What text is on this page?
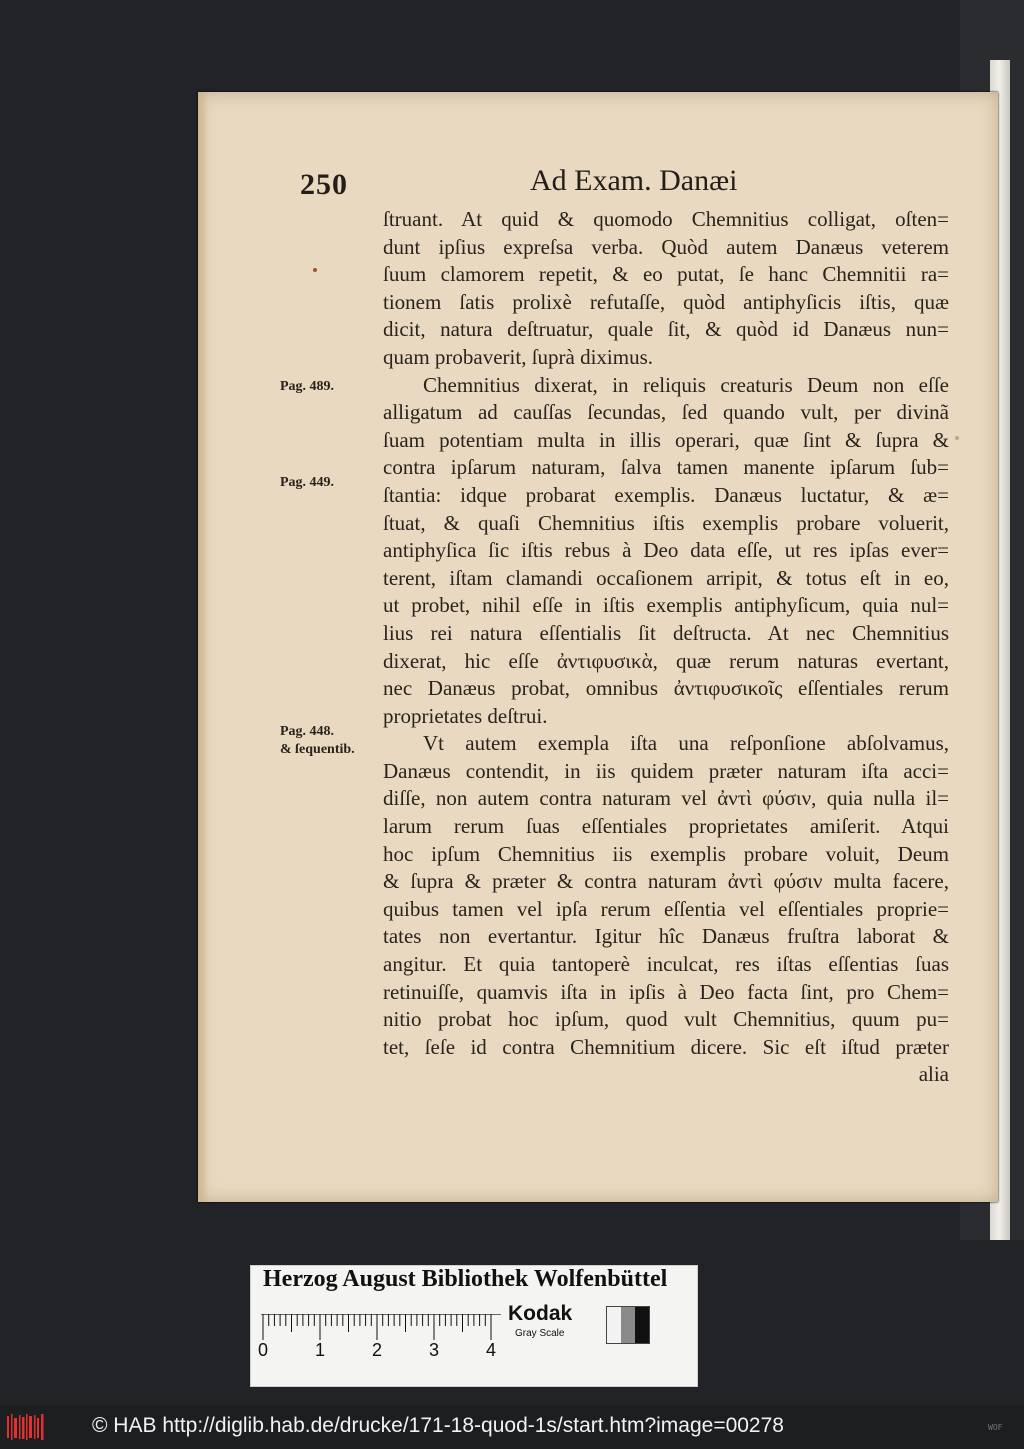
250	Ad Exam. Danæi
Pag. 489.
Pag. 449.
Pag. 448.
& ſequentib.
ſtruant. At quid & quomodo Chemnitius colligat, oſten=
dunt ipſius expreſsa verba. Quòd autem Danæus veterem
ſuum clamorem repetit, & eo putat, ſe hanc Chemnitii ra=
tionem ſatis prolixè refutaſſe, quòd antiphyſicis iſtis, quæ
dicit, natura deſtruatur, quale ſit, & quòd id Danæus nun=
quam probaverit, ſuprà diximus.
Chemnitius dixerat, in reliquis creaturis Deum non eſſe
alligatum ad cauſſas ſecundas, ſed quando vult, per divinã
ſuam potentiam multa in illis operari, quæ ſint & ſupra &
contra ipſarum naturam, ſalva tamen manente ipſarum ſub=
ſtantia: idque probarat exemplis. Danæus luctatur, & æ=
ſtuat, & quaſi Chemnitius iſtis exemplis probare voluerit,
antiphyſica ſic iſtis rebus à Deo data eſſe, ut res ipſas ever=
terent, iſtam clamandi occaſionem arripit, & totus eſt in eo,
ut probet, nihil eſſe in iſtis exemplis antiphyſicum, quia nul=
lius rei natura eſſentialis ſit deſtructa. At nec Chemnitius
dixerat, hic eſſe ἀντιφυσικὰ, quæ rerum naturas evertant,
nec Danæus probat, omnibus ἀντιφυσικοῖς eſſentiales rerum
proprietates deſtrui.
Vt autem exempla iſta una reſponſione abſolvamus,
Danæus contendit, in iis quidem præter naturam iſta acci=
diſſe, non autem contra naturam vel ἀντὶ φύσιν, quia nulla il=
larum rerum ſuas eſſentiales proprietates amiſerit. Atqui
hoc ipſum Chemnitius iis exemplis probare voluit, Deum
& ſupra & præter & contra naturam ἀντὶ φύσιν multa facere,
quibus tamen vel ipſa rerum eſſentia vel eſſentiales proprie=
tates non evertantur. Igitur hîc Danæus fruſtra laborat &
angitur. Et quia tantoperè inculcat, res iſtas eſſentias ſuas
retinuiſſe, quamvis iſta in ipſis à Deo facta ſint, pro Chem=
nitio probat hoc ipſum, quod vult Chemnitius, quum pu=
tet, ſeſe id contra Chemnitium dicere. Sic eſt iſtud præter
alia
Herzog August Bibliothek Wolfenbüttel
0	1	2	3	4
Kodak
Gray Scale
© HAB http://diglib.hab.de/drucke/171-18-quod-1s/start.htm?image=00278	WOF
